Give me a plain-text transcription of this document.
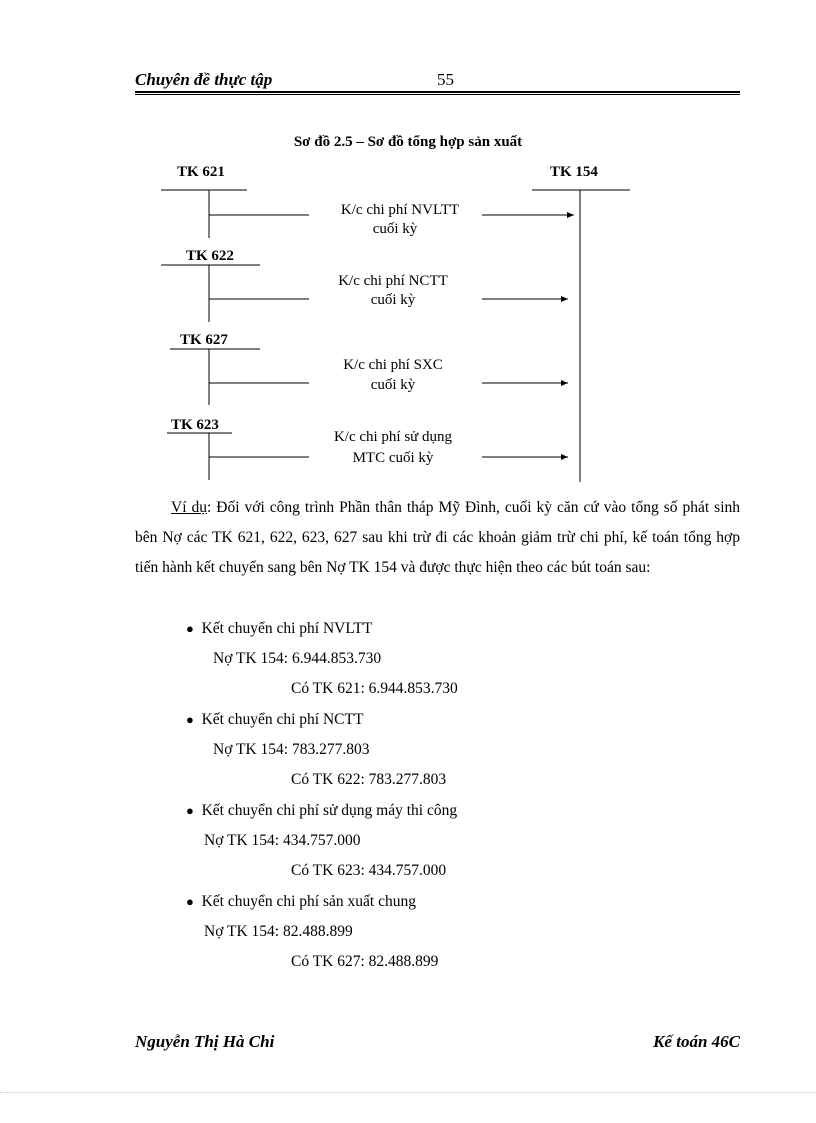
Chuyên đề thực tập	55
Sơ đồ 2.5 – Sơ đồ tổng hợp sản xuất
TK 154
TK 621
K/c chi phí NVLTT
cuối kỳ
TK 622
K/c chi phí NCTT
cuối kỳ
TK 627
K/c chi phí SXC
cuối kỳ
TK 623
K/c chi phí sử dụng
MTC cuối kỳ
Ví dụ: Đối với công trình Phần thân tháp Mỹ Đình, cuối kỳ căn cứ vào tổng số phát sinh bên Nợ các TK 621, 622, 623, 627 sau khi trừ đi các khoản giảm trừ chi phí, kế toán tổng hợp tiến hành kết chuyển sang bên Nợ TK 154 và được thực hiện theo các bút toán sau:
● Kết chuyển chi phí NVLTT
Nợ TK 154: 6.944.853.730
Có TK 621: 6.944.853.730
● Kết chuyển chi phí NCTT
Nợ TK 154: 783.277.803
Có TK 622: 783.277.803
● Kết chuyển chi phí sử dụng máy thi công
Nợ TK 154: 434.757.000
Có TK 623: 434.757.000
● Kết chuyển chi phí sản xuất chung
Nợ TK 154: 82.488.899
Có TK 627: 82.488.899
Nguyễn Thị Hà Chi	Kế toán 46C
